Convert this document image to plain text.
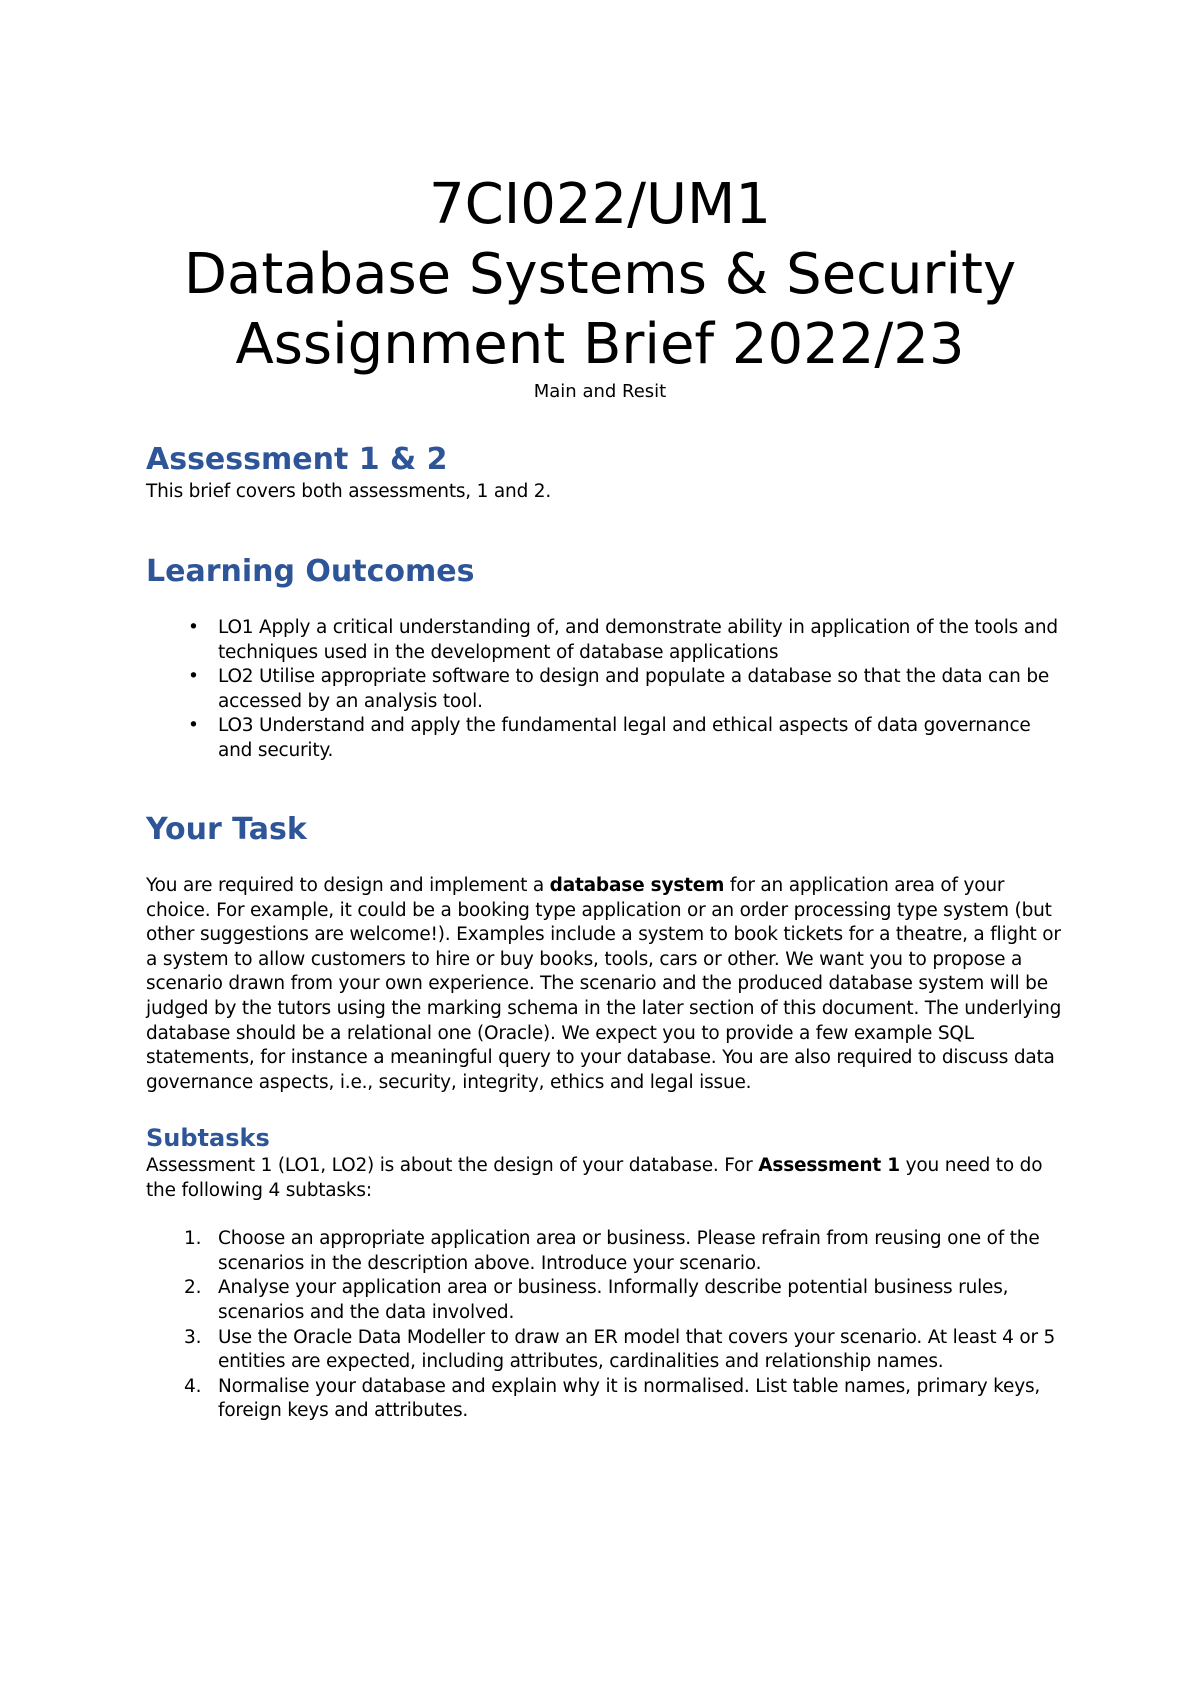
7CI022/UM1
Database Systems & Security
Assignment Brief 2022/23
Main and Resit
Assessment 1 & 2

This brief covers both assessments, 1 and 2.

Learning Outcomes
• LO1 Apply a critical understanding of, and demonstrate ability in application of the tools and techniques used in the development of database applications
• LO2 Utilise appropriate software to design and populate a database so that the data can be accessed by an analysis tool.
• LO3 Understand and apply the fundamental legal and ethical aspects of data governance and security.
Your Task

You are required to design and implement a database system for an application area of your choice. For example, it could be a booking type application or an order processing type system (but other suggestions are welcome!). Examples include a system to book tickets for a theatre, a flight or a system to allow customers to hire or buy books, tools, cars or other. We want you to propose a scenario drawn from your own experience. The scenario and the produced database system will be judged by the tutors using the marking schema in the later section of this document. The underlying database should be a relational one (Oracle). We expect you to provide a few example SQL statements, for instance a meaningful query to your database. You are also required to discuss data governance aspects, i.e., security, integrity, ethics and legal issue.

Subtasks

Assessment 1 (LO1, LO2) is about the design of your database. For Assessment 1 you need to do the following 4 subtasks:

1. Choose an appropriate application area or business. Please refrain from reusing one of the scenarios in the description above. Introduce your scenario.
2. Analyse your application area or business. Informally describe potential business rules, scenarios and the data involved.
3. Use the Oracle Data Modeller to draw an ER model that covers your scenario. At least 4 or 5 entities are expected, including attributes, cardinalities and relationship names.
4. Normalise your database and explain why it is normalised. List table names, primary keys, foreign keys and attributes.
